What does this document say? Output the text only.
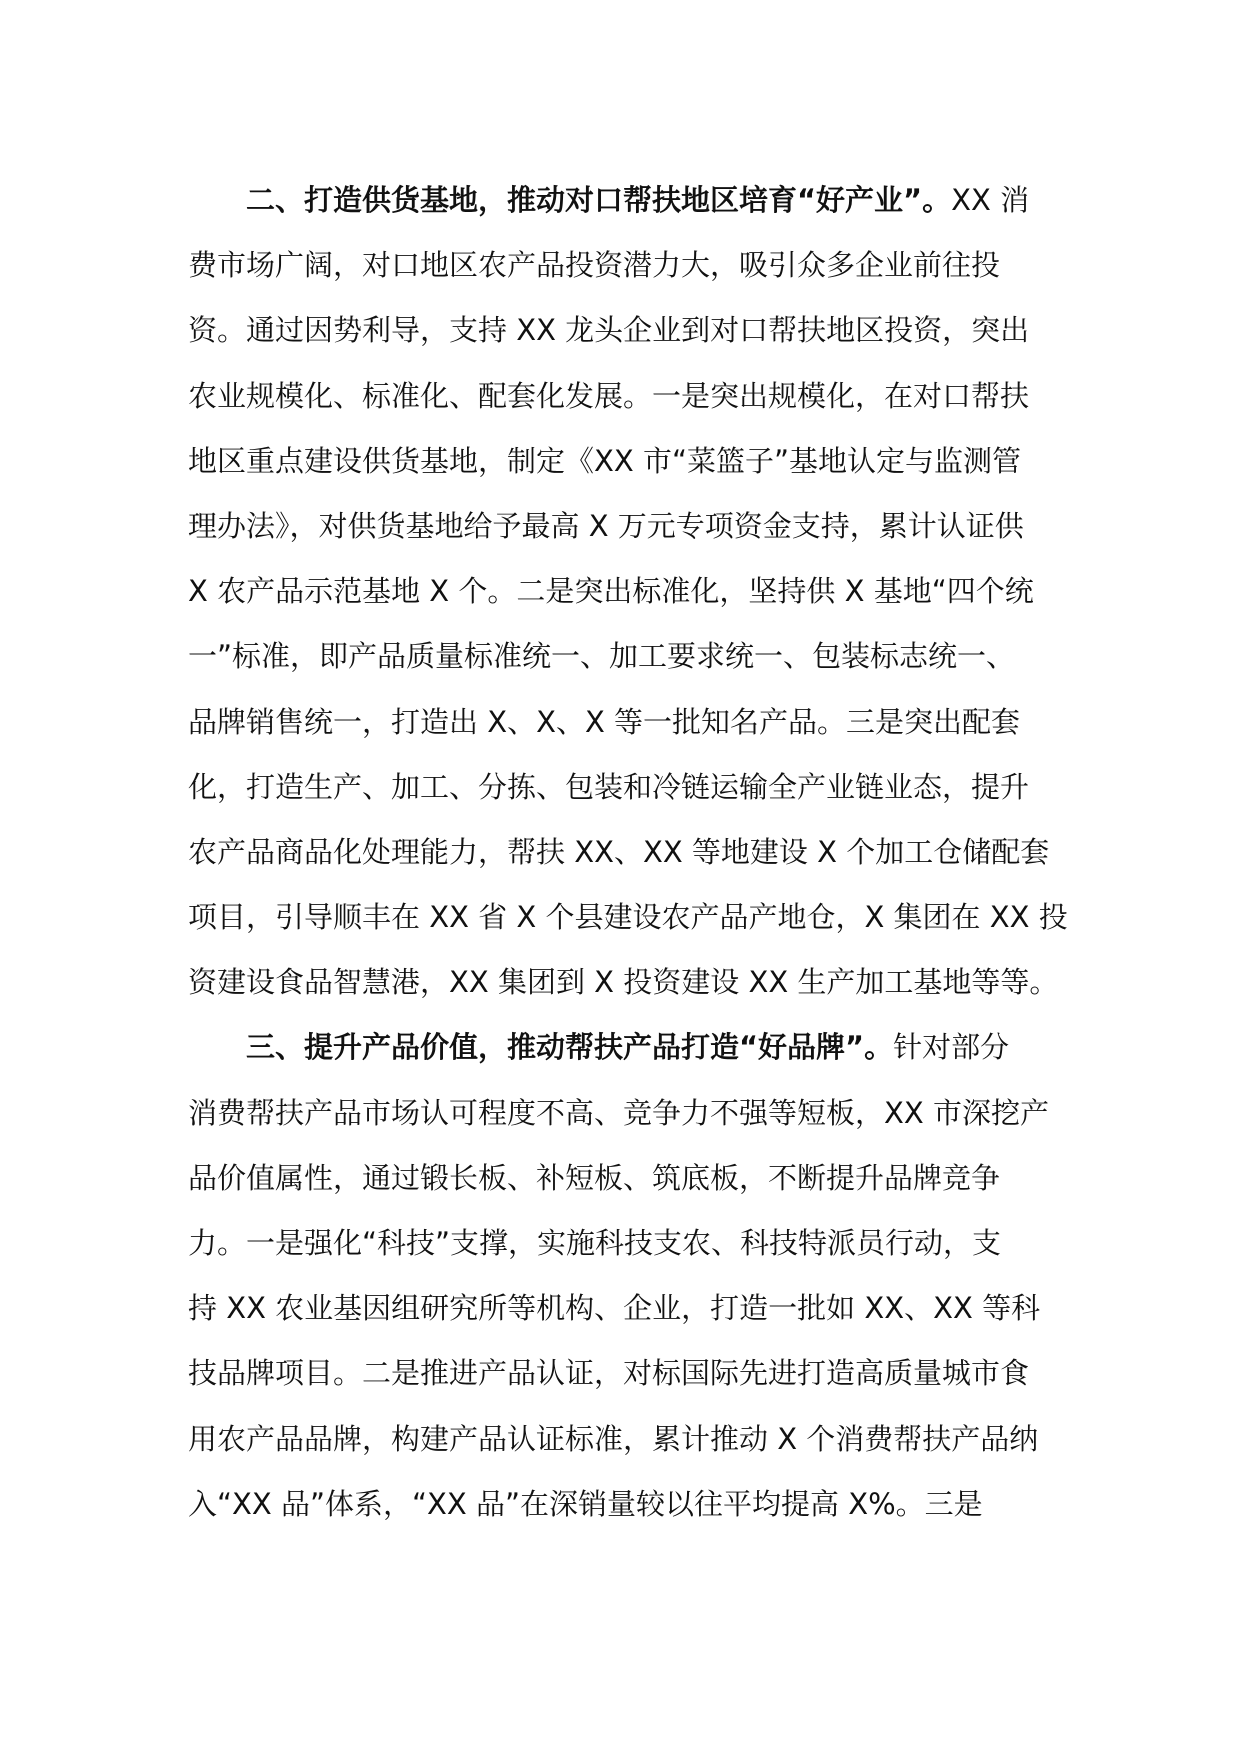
二、打造供货基地，推动对口帮扶地区培育“好产业”。XX 消
费市场广阔，对口地区农产品投资潜力大，吸引众多企业前往投
资。通过因势利导，支持 XX 龙头企业到对口帮扶地区投资，突出
农业规模化、标准化、配套化发展。一是突出规模化，在对口帮扶
地区重点建设供货基地，制定《XX 市“菜篮子”基地认定与监测管
理办法》，对供货基地给予最高 X 万元专项资金支持，累计认证供
X 农产品示范基地 X 个。二是突出标准化，坚持供 X 基地“四个统
一”标准，即产品质量标准统一、加工要求统一、包装标志统一、
品牌销售统一，打造出 X、X、X 等一批知名产品。三是突出配套
化，打造生产、加工、分拣、包装和冷链运输全产业链业态，提升
农产品商品化处理能力，帮扶 XX、XX 等地建设 X 个加工仓储配套
项目，引导顺丰在 XX 省 X 个县建设农产品产地仓，X 集团在 XX 投
资建设食品智慧港，XX 集团到 X 投资建设 XX 生产加工基地等等。
三、提升产品价值，推动帮扶产品打造“好品牌”。针对部分
消费帮扶产品市场认可程度不高、竞争力不强等短板，XX 市深挖产
品价值属性，通过锻长板、补短板、筑底板，不断提升品牌竞争
力。一是强化“科技”支撑，实施科技支农、科技特派员行动，支
持 XX 农业基因组研究所等机构、企业，打造一批如 XX、XX 等科
技品牌项目。二是推进产品认证，对标国际先进打造高质量城市食
用农产品品牌，构建产品认证标准，累计推动 X 个消费帮扶产品纳
入“XX 品”体系，“XX 品”在深销量较以往平均提高 X%。三是
